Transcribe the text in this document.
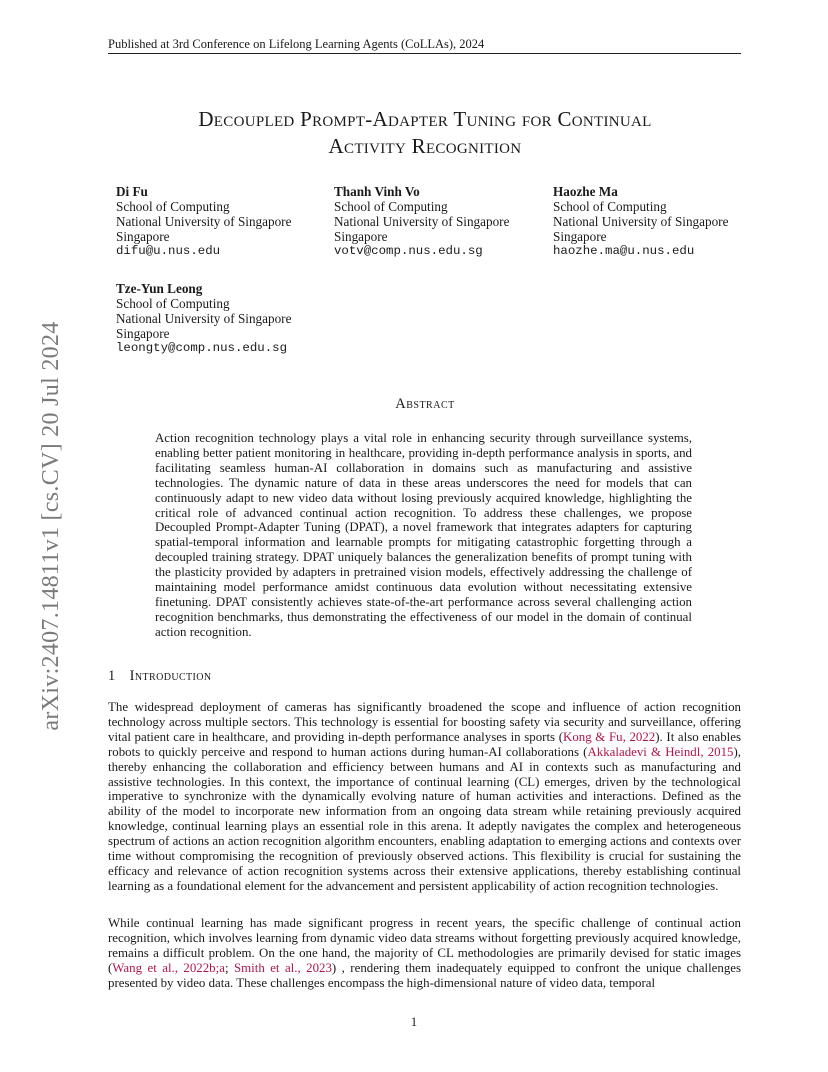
Published at 3rd Conference on Lifelong Learning Agents (CoLLAs), 2024
arXiv:2407.14811v1 [cs.CV] 20 Jul 2024
Decoupled Prompt-Adapter Tuning for Continual
Activity Recognition
Di Fu
School of Computing
National University of Singapore
Singapore
difu@u.nus.edu
Thanh Vinh Vo
School of Computing
National University of Singapore
Singapore
votv@comp.nus.edu.sg
Haozhe Ma
School of Computing
National University of Singapore
Singapore
haozhe.ma@u.nus.edu
Tze-Yun Leong
School of Computing
National University of Singapore
Singapore
leongty@comp.nus.edu.sg
Abstract
Action recognition technology plays a vital role in enhancing security through surveillance systems, enabling better patient monitoring in healthcare, providing in-depth performance analysis in sports, and facilitating seamless human-AI collaboration in domains such as manufacturing and assistive technologies. The dynamic nature of data in these areas underscores the need for models that can continuously adapt to new video data without losing previously acquired knowledge, highlighting the critical role of advanced continual action recognition. To address these challenges, we propose Decoupled Prompt-Adapter Tuning (DPAT), a novel framework that integrates adapters for capturing spatial-temporal information and learnable prompts for mitigating catastrophic forgetting through a decoupled training strategy. DPAT uniquely balances the generalization benefits of prompt tuning with the plasticity provided by adapters in pretrained vision models, effectively addressing the challenge of maintaining model performance amidst continuous data evolution without necessitating extensive finetuning. DPAT consistently achieves state-of-the-art performance across several challenging action recognition benchmarks, thus demonstrating the effectiveness of our model in the domain of continual action recognition.
1 Introduction
The widespread deployment of cameras has significantly broadened the scope and influence of action recognition technology across multiple sectors. This technology is essential for boosting safety via security and surveillance, offering vital patient care in healthcare, and providing in-depth performance analyses in sports (Kong & Fu, 2022). It also enables robots to quickly perceive and respond to human actions during human-AI collaborations (Akkaladevi & Heindl, 2015), thereby enhancing the collaboration and efficiency between humans and AI in contexts such as manufacturing and assistive technologies. In this context, the importance of continual learning (CL) emerges, driven by the technological imperative to synchronize with the dynamically evolving nature of human activities and interactions. Defined as the ability of the model to incorporate new information from an ongoing data stream while retaining previously acquired knowledge, continual learning plays an essential role in this arena. It adeptly navigates the complex and heterogeneous spectrum of actions an action recognition algorithm encounters, enabling adaptation to emerging actions and contexts over time without compromising the recognition of previously observed actions. This flexibility is crucial for sustaining the efficacy and relevance of action recognition systems across their extensive applications, thereby establishing continual learning as a foundational element for the advancement and persistent applicability of action recognition technologies.
While continual learning has made significant progress in recent years, the specific challenge of continual action recognition, which involves learning from dynamic video data streams without forgetting previously acquired knowledge, remains a difficult problem. On the one hand, the majority of CL methodologies are primarily devised for static images (Wang et al., 2022b;a; Smith et al., 2023) , rendering them inadequately equipped to confront the unique challenges presented by video data. These challenges encompass the high-dimensional nature of video data, temporal
1
